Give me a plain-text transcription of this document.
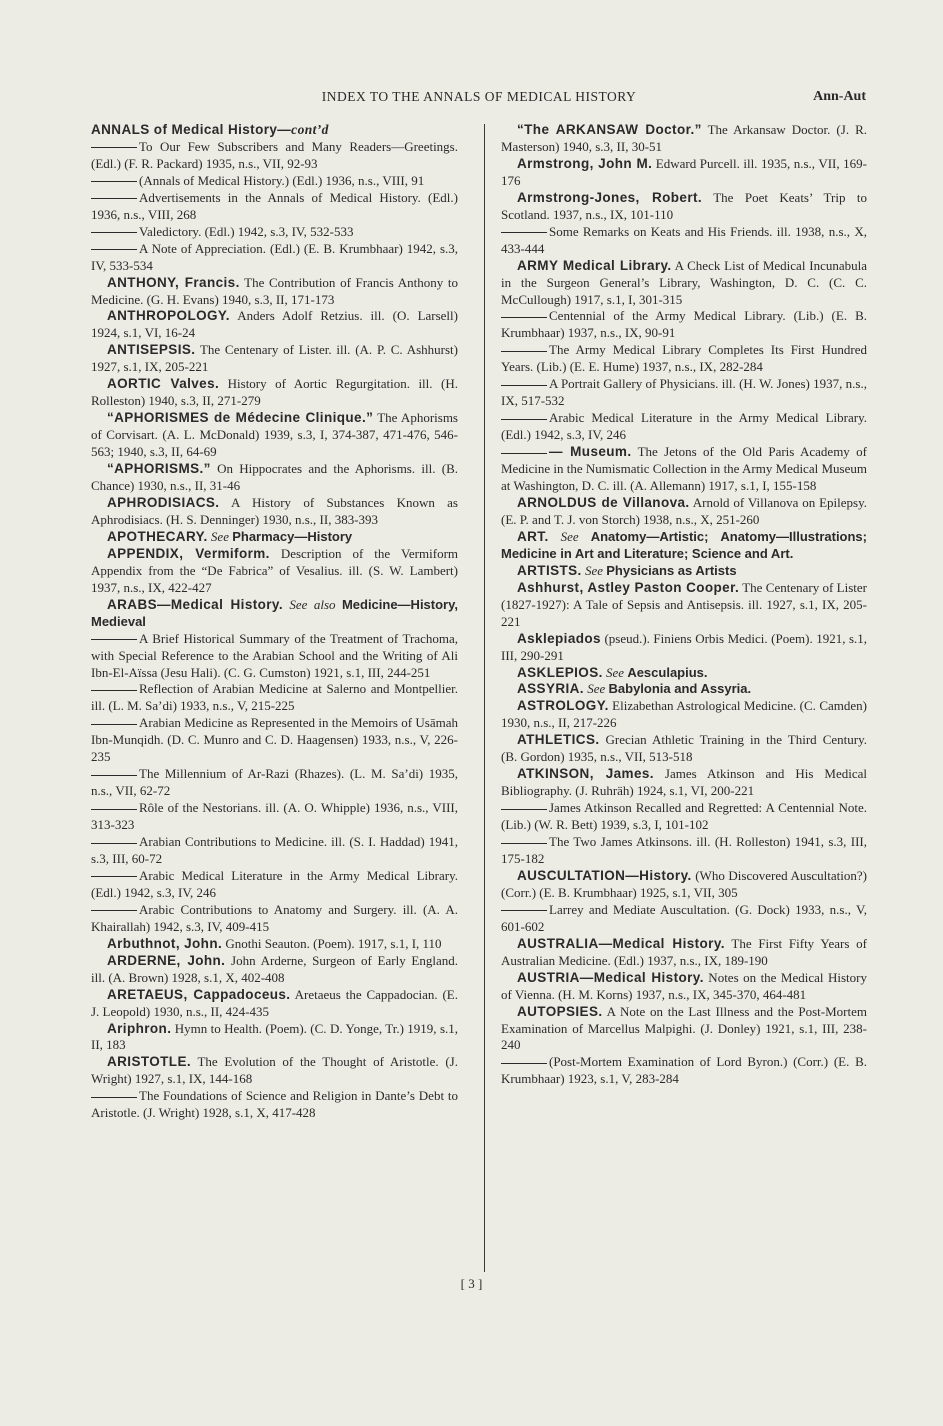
INDEX TO THE ANNALS OF MEDICAL HISTORY	Ann-Aut

ANNALS of Medical History—cont’d

To Our Few Subscribers and Many Readers—Greetings. (Edl.) (F. R. Packard) 1935, n.s., VII, 92-93

(Annals of Medical History.) (Edl.) 1936, n.s., VIII, 91

Advertisements in the Annals of Medical History. (Edl.) 1936, n.s., VIII, 268

Valedictory. (Edl.) 1942, s.3, IV, 532-533

A Note of Appreciation. (Edl.) (E. B. Krumbhaar) 1942, s.3, IV, 533-534

ANTHONY, Francis. The Contribution of Francis Anthony to Medicine. (G. H. Evans) 1940, s.3, II, 171-173

ANTHROPOLOGY. Anders Adolf Retzius. ill. (O. Larsell) 1924, s.1, VI, 16-24

ANTISEPSIS. The Centenary of Lister. ill. (A. P. C. Ashhurst) 1927, s.1, IX, 205-221

AORTIC Valves. History of Aortic Regurgitation. ill. (H. Rolleston) 1940, s.3, II, 271-279

“APHORISMES de Médecine Clinique.” The Aphorisms of Corvisart. (A. L. McDonald) 1939, s.3, I, 374-387, 471-476, 546-563; 1940, s.3, II, 64-69

“APHORISMS.” On Hippocrates and the Aphorisms. ill. (B. Chance) 1930, n.s., II, 31-46

APHRODISIACS. A History of Substances Known as Aphrodisiacs. (H. S. Denninger) 1930, n.s., II, 383-393

APOTHECARY. See Pharmacy—History

APPENDIX, Vermiform. Description of the Vermiform Appendix from the “De Fabrica” of Vesalius. ill. (S. W. Lambert) 1937, n.s., IX, 422-427

ARABS—Medical History. See also Medicine—History, Medieval

A Brief Historical Summary of the Treatment of Trachoma, with Special Reference to the Arabian School and the Writing of Ali Ibn-El-Aïssa (Jesu Hali). (C. G. Cumston) 1921, s.1, III, 244-251

Reflection of Arabian Medicine at Salerno and Montpellier. ill. (L. M. Sa’di) 1933, n.s., V, 215-225

Arabian Medicine as Represented in the Memoirs of Usāmah Ibn-Munqidh. (D. C. Munro and C. D. Haagensen) 1933, n.s., V, 226-235

The Millennium of Ar-Razi (Rhazes). (L. M. Sa’di) 1935, n.s., VII, 62-72

Rôle of the Nestorians. ill. (A. O. Whipple) 1936, n.s., VIII, 313-323

Arabian Contributions to Medicine. ill. (S. I. Haddad) 1941, s.3, III, 60-72

Arabic Medical Literature in the Army Medical Library. (Edl.) 1942, s.3, IV, 246

Arabic Contributions to Anatomy and Surgery. ill. (A. A. Khairallah) 1942, s.3, IV, 409-415

Arbuthnot, John. Gnothi Seauton. (Poem). 1917, s.1, I, 110

ARDERNE, John. John Arderne, Surgeon of Early England. ill. (A. Brown) 1928, s.1, X, 402-408

ARETAEUS, Cappadoceus. Aretaeus the Cappadocian. (E. J. Leopold) 1930, n.s., II, 424-435

Ariphron. Hymn to Health. (Poem). (C. D. Yonge, Tr.) 1919, s.1, II, 183

ARISTOTLE. The Evolution of the Thought of Aristotle. (J. Wright) 1927, s.1, IX, 144-168

The Foundations of Science and Religion in Dante’s Debt to Aristotle. (J. Wright) 1928, s.1, X, 417-428

“The ARKANSAW Doctor.” The Arkansaw Doctor. (J. R. Masterson) 1940, s.3, II, 30-51

Armstrong, John M. Edward Purcell. ill. 1935, n.s., VII, 169-176

Armstrong-Jones, Robert. The Poet Keats’ Trip to Scotland. 1937, n.s., IX, 101-110

Some Remarks on Keats and His Friends. ill. 1938, n.s., X, 433-444

ARMY Medical Library. A Check List of Medical Incunabula in the Surgeon General’s Library, Washington, D. C. (C. C. McCullough) 1917, s.1, I, 301-315

Centennial of the Army Medical Library. (Lib.) (E. B. Krumbhaar) 1937, n.s., IX, 90-91

The Army Medical Library Completes Its First Hundred Years. (Lib.) (E. E. Hume) 1937, n.s., IX, 282-284

A Portrait Gallery of Physicians. ill. (H. W. Jones) 1937, n.s., IX, 517-532

Arabic Medical Literature in the Army Medical Library. (Edl.) 1942, s.3, IV, 246

— Museum. The Jetons of the Old Paris Academy of Medicine in the Numismatic Collection in the Army Medical Museum at Washington, D. C. ill. (A. Allemann) 1917, s.1, I, 155-158

ARNOLDUS de Villanova. Arnold of Villanova on Epilepsy. (E. P. and T. J. von Storch) 1938, n.s., X, 251-260

ART. See Anatomy—Artistic; Anatomy—Illustrations; Medicine in Art and Literature; Science and Art.

ARTISTS. See Physicians as Artists

Ashhurst, Astley Paston Cooper. The Centenary of Lister (1827-1927): A Tale of Sepsis and Antisepsis. ill. 1927, s.1, IX, 205-221

Asklepiados (pseud.). Finiens Orbis Medici. (Poem). 1921, s.1, III, 290-291

ASKLEPIOS. See Aesculapius.

ASSYRIA. See Babylonia and Assyria.

ASTROLOGY. Elizabethan Astrological Medicine. (C. Camden) 1930, n.s., II, 217-226

ATHLETICS. Grecian Athletic Training in the Third Century. (B. Gordon) 1935, n.s., VII, 513-518

ATKINSON, James. James Atkinson and His Medical Bibliography. (J. Ruhräh) 1924, s.1, VI, 200-221

James Atkinson Recalled and Regretted: A Centennial Note. (Lib.) (W. R. Bett) 1939, s.3, I, 101-102

The Two James Atkinsons. ill. (H. Rolleston) 1941, s.3, III, 175-182

AUSCULTATION—History. (Who Discovered Auscultation?) (Corr.) (E. B. Krumbhaar) 1925, s.1, VII, 305

Larrey and Mediate Auscultation. (G. Dock) 1933, n.s., V, 601-602

AUSTRALIA—Medical History. The First Fifty Years of Australian Medicine. (Edl.) 1937, n.s., IX, 189-190

AUSTRIA—Medical History. Notes on the Medical History of Vienna. (H. M. Korns) 1937, n.s., IX, 345-370, 464-481

AUTOPSIES. A Note on the Last Illness and the Post-Mortem Examination of Marcellus Malpighi. (J. Donley) 1921, s.1, III, 238-240

(Post-Mortem Examination of Lord Byron.) (Corr.) (E. B. Krumbhaar) 1923, s.1, V, 283-284

[ 3 ]
